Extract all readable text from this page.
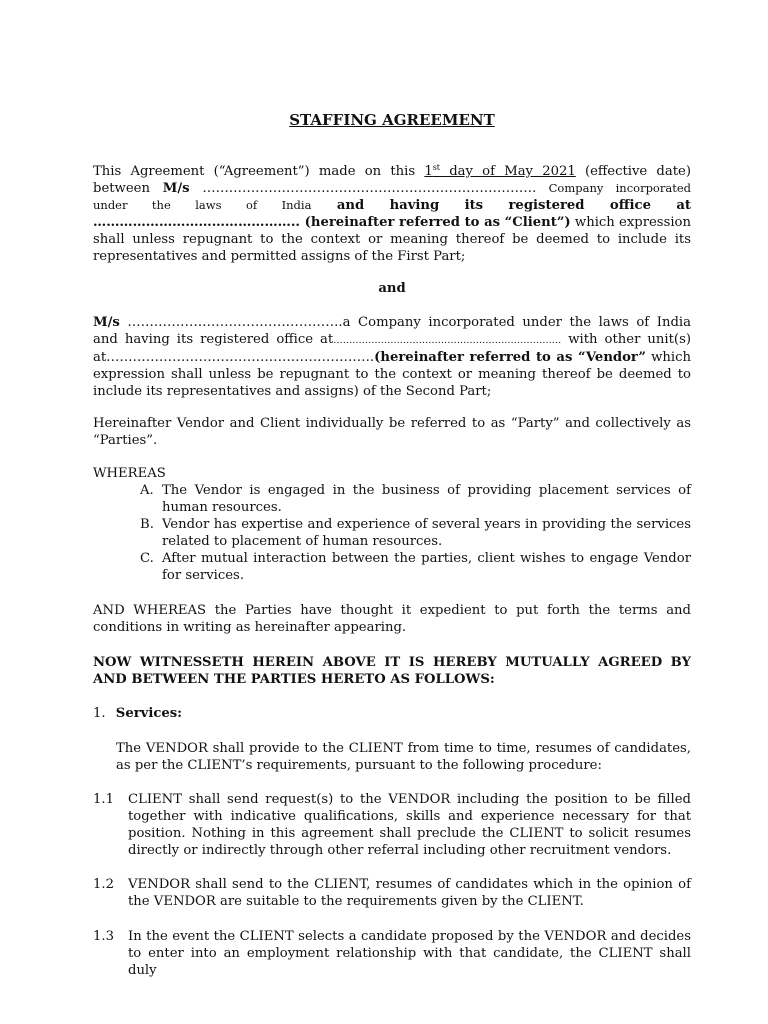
STAFFING AGREEMENT
This Agreement (“Agreement”) made on this 1st day of May 2021 (effective date) between M/s …………………………………………………………………. Company incorporated under the laws of India and having its registered office at ……………………………………….. (hereinafter referred to as “Client”) which expression shall unless repugnant to the context or meaning thereof be deemed to include its representatives and permitted assigns of the First Part;
and
M/s ………………………………………….a Company incorporated under the laws of India and having its registered office at……………………………………………………………… with other unit(s) at…………………………………………………….(hereinafter referred to as “Vendor” which expression shall unless be repugnant to the context or meaning thereof be deemed to include its representatives and assigns) of the Second Part;
Hereinafter Vendor and Client individually be referred to as “Party” and collectively as “Parties”.
WHEREAS
A. The Vendor is engaged in the business of providing placement services of human resources.
B. Vendor has expertise and experience of several years in providing the services related to placement of human resources.
C. After mutual interaction between the parties, client wishes to engage Vendor for services.
AND WHEREAS the Parties have thought it expedient to put forth the terms and conditions in writing as hereinafter appearing.
NOW WITNESSETH HEREIN ABOVE IT IS HEREBY MUTUALLY AGREED BY AND BETWEEN THE PARTIES HERETO AS FOLLOWS:
1. Services:
The VENDOR shall provide to the CLIENT from time to time, resumes of candidates, as per the CLIENT’s requirements, pursuant to the following procedure:
1.1 CLIENT shall send request(s) to the VENDOR including the position to be filled together with indicative qualifications, skills and experience necessary for that position. Nothing in this agreement shall preclude the CLIENT to solicit resumes directly or indirectly through other referral including other recruitment vendors.
1.2 VENDOR shall send to the CLIENT, resumes of candidates which in the opinion of the VENDOR are suitable to the requirements given by the CLIENT.
1.3 In the event the CLIENT selects a candidate proposed by the VENDOR and decides to enter into an employment relationship with that candidate, the CLIENT shall duly
